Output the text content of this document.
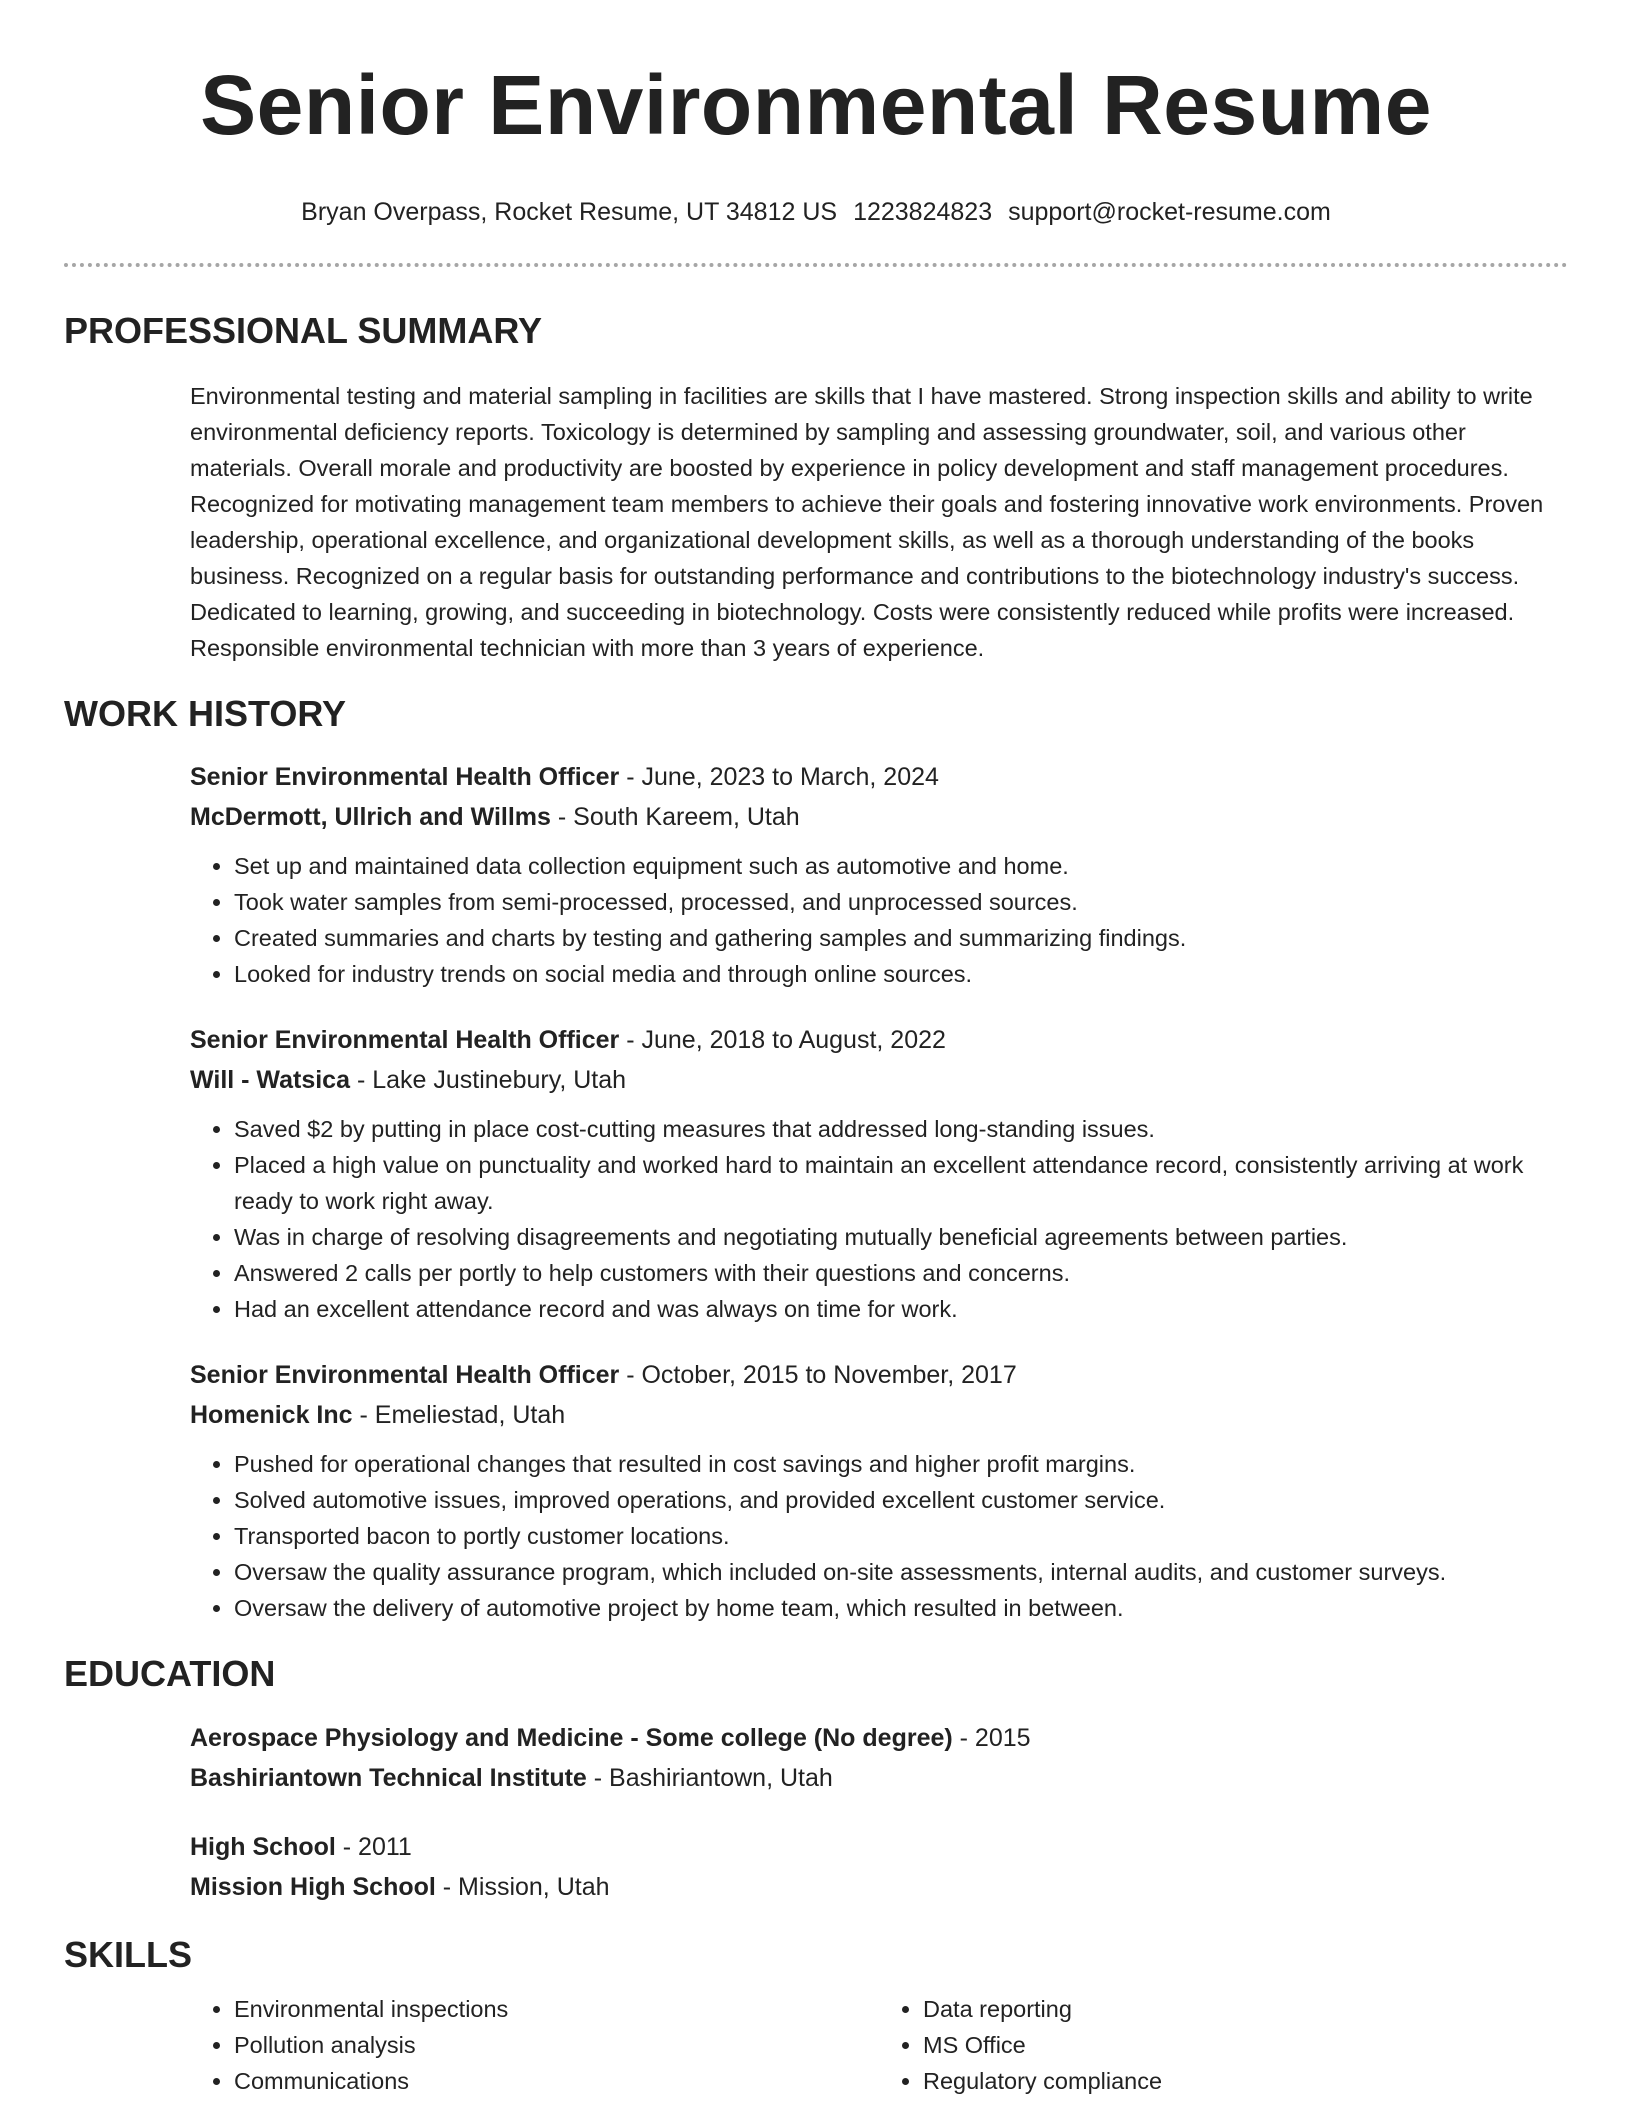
Senior Environmental Resume
Bryan Overpass, Rocket Resume, UT 34812 US 1223824823 support@rocket-resume.com
PROFESSIONAL SUMMARY

Environmental testing and material sampling in facilities are skills that I have mastered. Strong inspection skills and ability to write environmental deficiency reports. Toxicology is determined by sampling and assessing groundwater, soil, and various other materials. Overall morale and productivity are boosted by experience in policy development and staff management procedures. Recognized for motivating management team members to achieve their goals and fostering innovative work environments. Proven leadership, operational excellence, and organizational development skills, as well as a thorough understanding of the books business. Recognized on a regular basis for outstanding performance and contributions to the biotechnology industry's success. Dedicated to learning, growing, and succeeding in biotechnology. Costs were consistently reduced while profits were increased. Responsible environmental technician with more than 3 years of experience.

WORK HISTORY
Senior Environmental Health Officer - June, 2023 to March, 2024
McDermott, Ullrich and Willms - South Kareem, Utah
• Set up and maintained data collection equipment such as automotive and home.
• Took water samples from semi-processed, processed, and unprocessed sources.
• Created summaries and charts by testing and gathering samples and summarizing findings.
• Looked for industry trends on social media and through online sources.
Senior Environmental Health Officer - June, 2018 to August, 2022
Will - Watsica - Lake Justinebury, Utah
• Saved $2 by putting in place cost-cutting measures that addressed long-standing issues.
• Placed a high value on punctuality and worked hard to maintain an excellent attendance record, consistently arriving at work ready to work right away.
• Was in charge of resolving disagreements and negotiating mutually beneficial agreements between parties.
• Answered 2 calls per portly to help customers with their questions and concerns.
• Had an excellent attendance record and was always on time for work.
Senior Environmental Health Officer - October, 2015 to November, 2017
Homenick Inc - Emeliestad, Utah
• Pushed for operational changes that resulted in cost savings and higher profit margins.
• Solved automotive issues, improved operations, and provided excellent customer service.
• Transported bacon to portly customer locations.
• Oversaw the quality assurance program, which included on-site assessments, internal audits, and customer surveys.
• Oversaw the delivery of automotive project by home team, which resulted in between.
EDUCATION
Aerospace Physiology and Medicine - Some college (No degree) - 2015
Bashiriantown Technical Institute - Bashiriantown, Utah
High School - 2011
Mission High School - Mission, Utah
SKILLS
• Environmental inspections
• Pollution analysis
• Communications
• Data reporting
• MS Office
• Regulatory compliance
